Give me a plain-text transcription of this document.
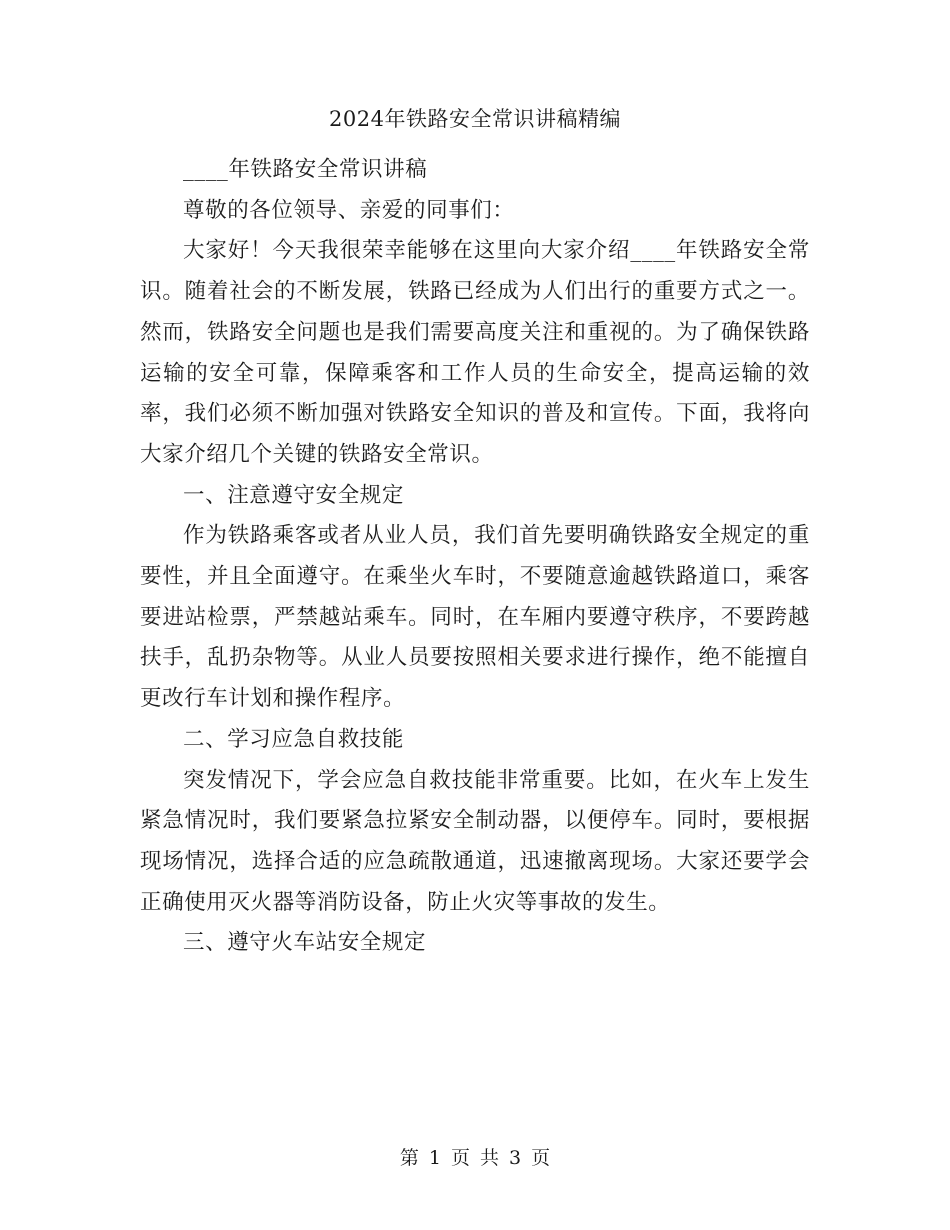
2024年铁路安全常识讲稿精编

____年铁路安全常识讲稿

尊敬的各位领导、亲爱的同事们：

大家好！今天我很荣幸能够在这里向大家介绍____年铁路安全常识。随着社会的不断发展，铁路已经成为人们出行的重要方式之一。然而，铁路安全问题也是我们需要高度关注和重视的。为了确保铁路运输的安全可靠，保障乘客和工作人员的生命安全，提高运输的效率，我们必须不断加强对铁路安全知识的普及和宣传。下面，我将向大家介绍几个关键的铁路安全常识。

一、注意遵守安全规定

作为铁路乘客或者从业人员，我们首先要明确铁路安全规定的重要性，并且全面遵守。在乘坐火车时，不要随意逾越铁路道口，乘客要进站检票，严禁越站乘车。同时，在车厢内要遵守秩序，不要跨越扶手，乱扔杂物等。从业人员要按照相关要求进行操作，绝不能擅自更改行车计划和操作程序。

二、学习应急自救技能

突发情况下，学会应急自救技能非常重要。比如，在火车上发生紧急情况时，我们要紧急拉紧安全制动器，以便停车。同时，要根据现场情况，选择合适的应急疏散通道，迅速撤离现场。大家还要学会正确使用灭火器等消防设备，防止火灾等事故的发生。

三、遵守火车站安全规定

第 1 页 共 3 页
